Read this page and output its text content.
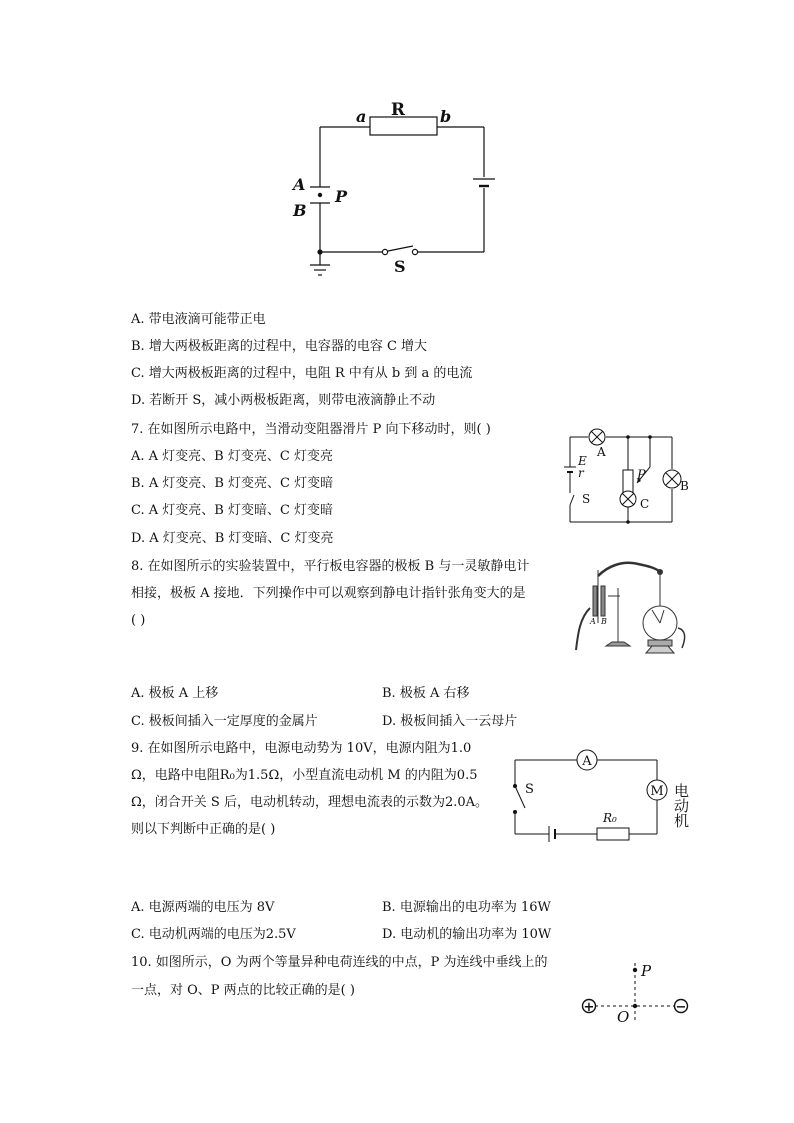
R
a	b
A
B
P
S
A. 带电液滴可能带正电
B. 增大两极板距离的过程中，电容器的电容 C 增大
C. 增大两极板距离的过程中，电阻 R 中有从 b 到 a 的电流
D. 若断开 S，减小两极板距离，则带电液滴静止不动
7. 在如图所示电路中，当滑动变阻器滑片 P 向下移动时，则( )
A. A 灯变亮、B 灯变亮、C 灯变亮
B. A 灯变亮、B 灯变亮、C 灯变暗
C. A 灯变亮、B 灯变暗、C 灯变暗
D. A 灯变亮、B 灯变暗、C 灯变亮
E
r
S
A
P
B
C
8. 在如图所示的实验装置中，平行板电容器的极板 B 与一灵敏静电计
相接，极板 A 接地．下列操作中可以观察到静电计指针张角变大的是
( )	A B
A. 极板 A 上移	B. 极板 A 右移
C. 极板间插入一定厚度的金属片	D. 极板间插入一云母片
9. 在如图所示电路中，电源电动势为 10V，电源内阻为1.0
Ω，电路中电阻R₀为1.5Ω，小型直流电动机 M 的内阻为0.5
Ω，闭合开关 S 后，电动机转动，理想电流表的示数为2.0A。
则以下判断中正确的是( )
A
M
S
R₀	电动机
A. 电源两端的电压为 8V	B. 电源输出的电功率为 16W
C. 电动机两端的电压为2.5V	D. 电动机的输出功率为 10W
10. 如图所示，O 为两个等量异种电荷连线的中点，P 为连线中垂线上的
一点，对 O、P 两点的比较正确的是( )
+	−
P
O
